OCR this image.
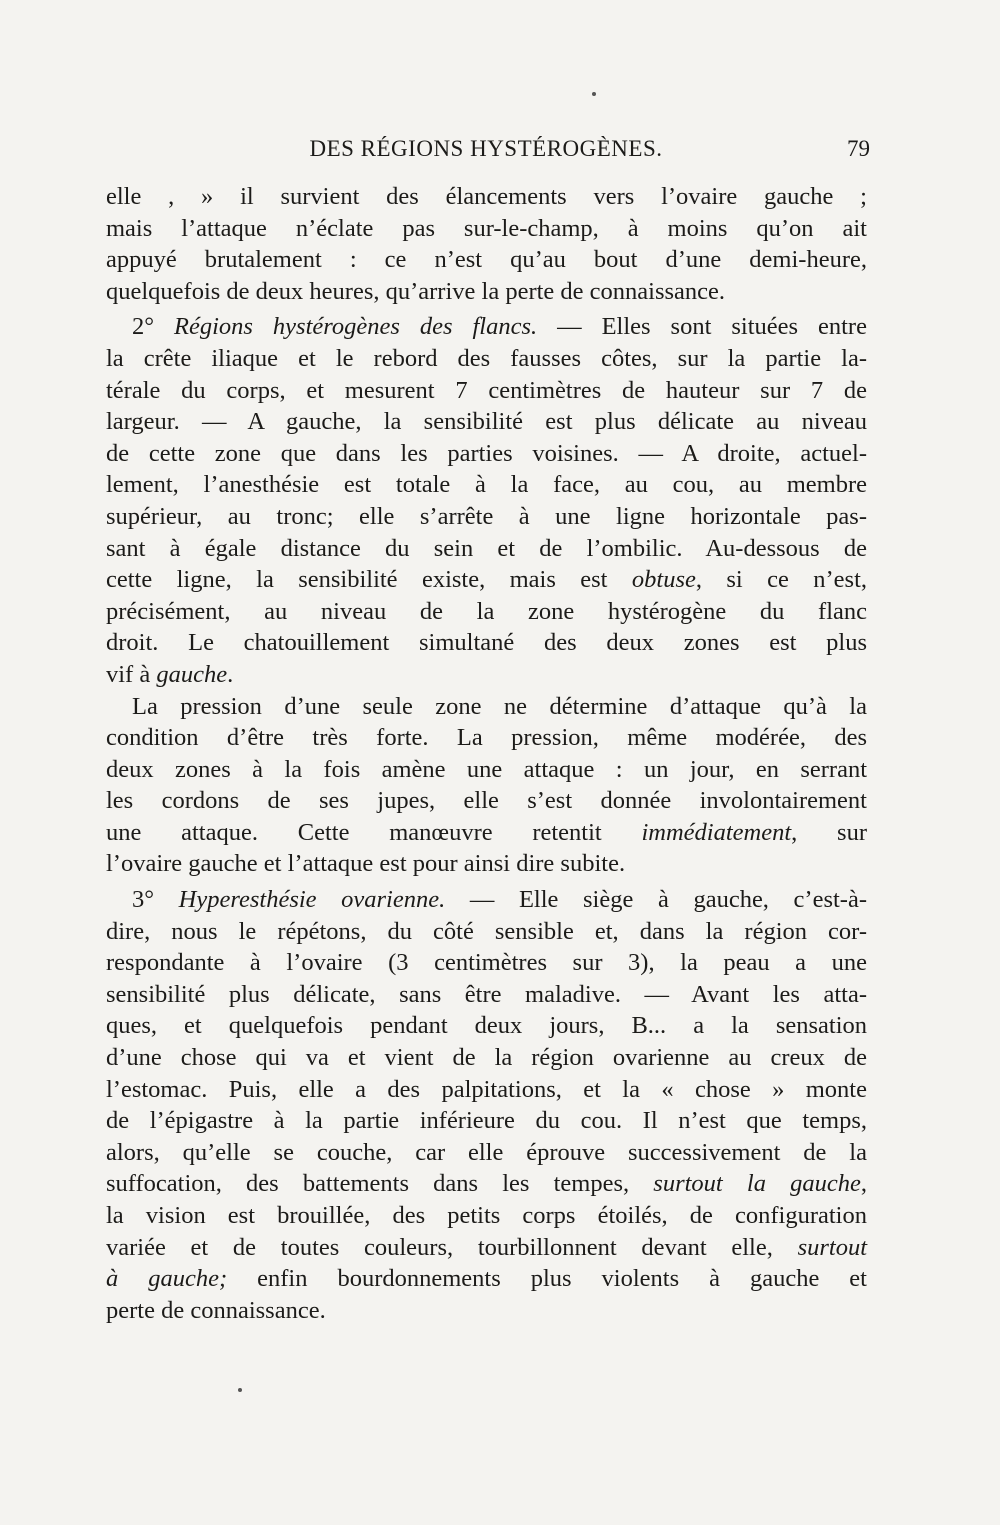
DES RÉGIONS HYSTÉROGÈNES.	79
elle , » il survient des élancements vers l’ovaire gauche ;
mais l’attaque n’éclate pas sur-le-champ, à moins qu’on ait
appuyé brutalement : ce n’est qu’au bout d’une demi-heure,
quelquefois de deux heures, qu’arrive la perte de connaissance.
2° Régions hystérogènes des flancs. — Elles sont situées entre
la crête iliaque et le rebord des fausses côtes, sur la partie la-
térale du corps, et mesurent 7 centimètres de hauteur sur 7 de
largeur. — A gauche, la sensibilité est plus délicate au niveau
de cette zone que dans les parties voisines. — A droite, actuel-
lement, l’anesthésie est totale à la face, au cou, au membre
supérieur, au tronc; elle s’arrête à une ligne horizontale pas-
sant à égale distance du sein et de l’ombilic. Au-dessous de
cette ligne, la sensibilité existe, mais est obtuse, si ce n’est,
précisément, au niveau de la zone hystérogène du flanc
droit. Le chatouillement simultané des deux zones est plus
vif à gauche.
La pression d’une seule zone ne détermine d’attaque qu’à la
condition d’être très forte. La pression, même modérée, des
deux zones à la fois amène une attaque : un jour, en serrant
les cordons de ses jupes, elle s’est donnée involontairement
une attaque. Cette manœuvre retentit immédiatement, sur
l’ovaire gauche et l’attaque est pour ainsi dire subite.
3° Hyperesthésie ovarienne. — Elle siège à gauche, c’est-à-
dire, nous le répétons, du côté sensible et, dans la région cor-
respondante à l’ovaire (3 centimètres sur 3), la peau a une
sensibilité plus délicate, sans être maladive. — Avant les atta-
ques, et quelquefois pendant deux jours, B... a la sensation
d’une chose qui va et vient de la région ovarienne au creux de
l’estomac. Puis, elle a des palpitations, et la « chose » monte
de l’épigastre à la partie inférieure du cou. Il n’est que temps,
alors, qu’elle se couche, car elle éprouve successivement de la
suffocation, des battements dans les tempes, surtout la gauche,
la vision est brouillée, des petits corps étoilés, de configuration
variée et de toutes couleurs, tourbillonnent devant elle, surtout
à gauche; enfin bourdonnements plus violents à gauche et
perte de connaissance.
